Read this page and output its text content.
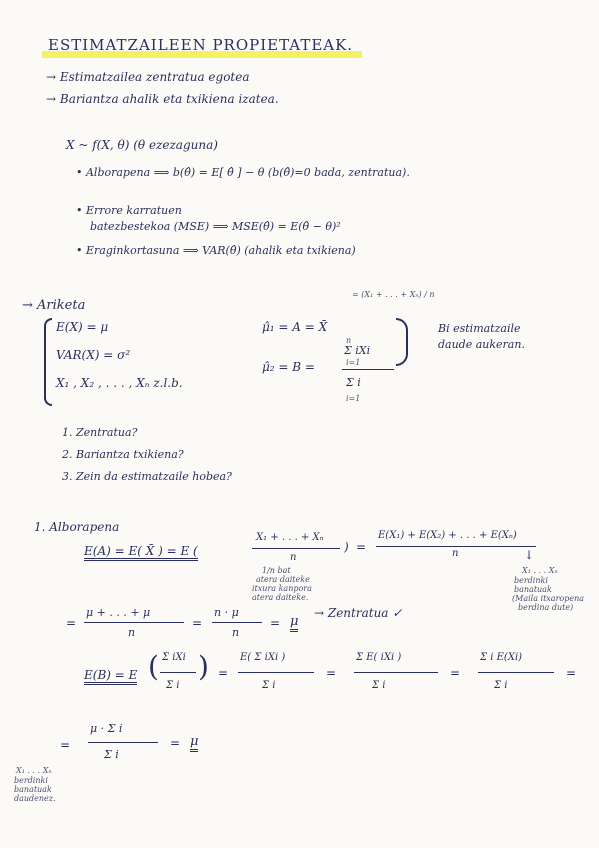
ESTIMATZAILEEN PROPIETATEAK.
→ Estimatzailea zentratua egotea
→ Bariantza ahalik eta txikiena izatea.
X ~ f(X, θ) (θ ezezaguna)
• Alborapena ⟹ b(θ̂) = E[ θ̂ ] − θ (b(θ̂)=0 bada, zentratua).
• Errore karratuen
batezbestekoa (MSE) ⟹ MSE(θ̂) = E(θ̂ − θ)²
• Eraginkortasuna ⟹ VAR(θ̂) (ahalik eta txikiena)
→ Ariketa
E(X) = μ
VAR(X) = σ²
X₁ , X₂ , . . . , Xₙ z.l.b.
= (X₁ + . . . + Xₙ) / n
μ̂₁ = A = X̄
μ̂₂ = B =
n
Σ iXi
i=1
Σ i
i=1
Bi estimatzaile
daude aukeran.
1. Zentratua?
2. Bariantza txikiena?
3. Zein da estimatzaile hobea?
1. Alborapena
E(A) = E( X̄ ) = E (
X₁ + . . . + Xₙ
n
) =
E(X₁) + E(X₂) + . . . + E(Xₙ)
n
1/n bat
atera daiteke
itxura kanpora
atera daiteke.
↓
X₁ . . . Xₙ
berdinki
banatuak
(Maila itxaropena
berdina dute)
=
μ + . . . + μ
n
=
n · μ
n
= μ
→ Zentratua ✓
E(B) = E ( Σ iXi
Σ i
) =
E( Σ iXi )
Σ i
=
Σ E( iXi )
Σ i
=
Σ i E(Xi)
Σ i
=
=
μ · Σ i
Σ i
= μ
X₁ . . . Xₙ
berdinki
banatuak
daudenez.
